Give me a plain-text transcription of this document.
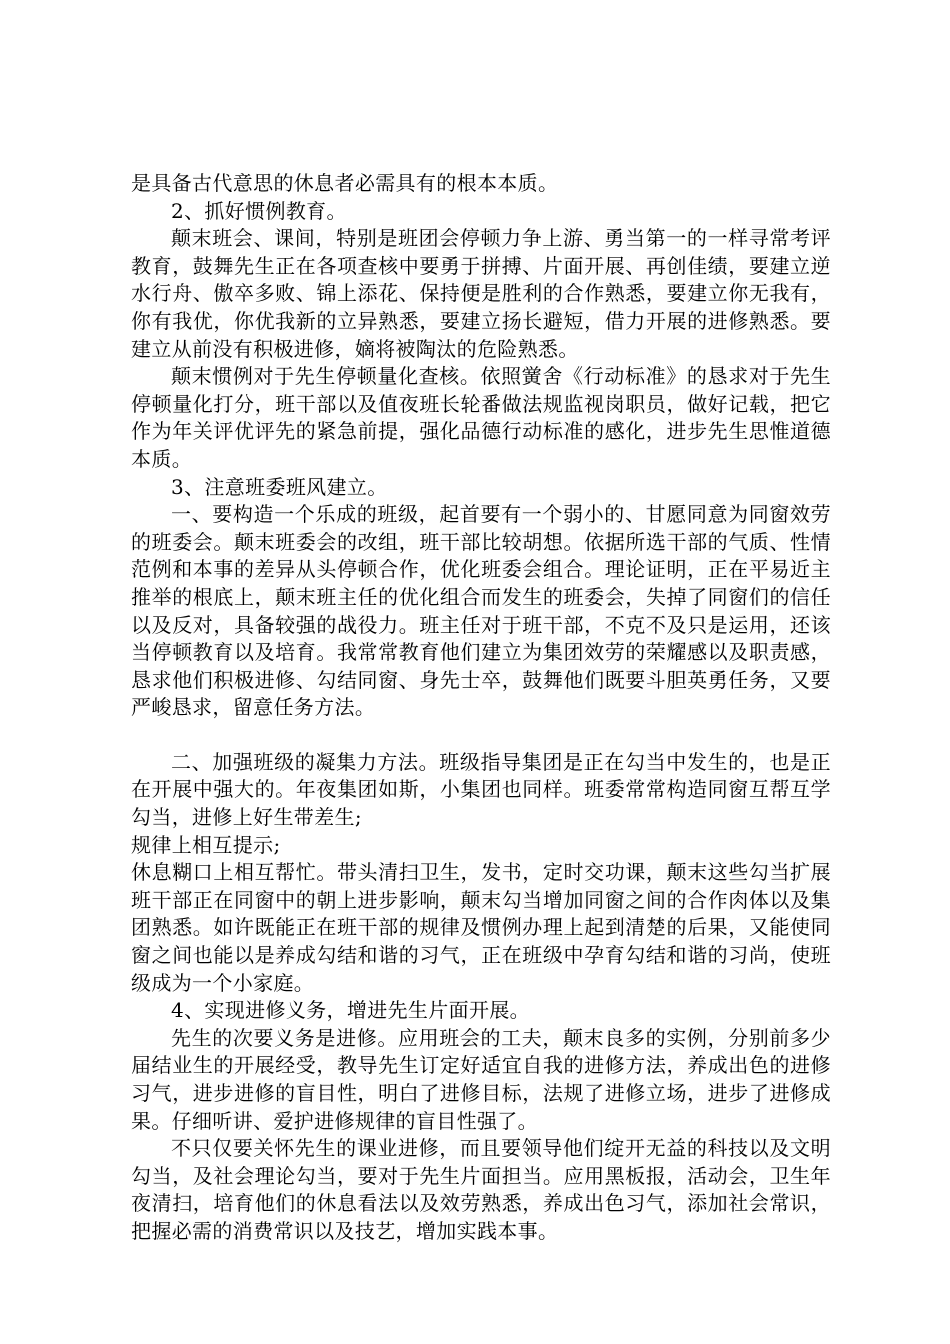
是具备古代意思的休息者必需具有的根本本质。

2、抓好惯例教育。

颠末班会、课间，特别是班团会停顿力争上游、勇当第一的一样寻常考评教育，鼓舞先生正在各项查核中要勇于拼搏、片面开展、再创佳绩，要建立逆水行舟、傲卒多败、锦上添花、保持便是胜利的合作熟悉，要建立你无我有，你有我优，你优我新的立异熟悉，要建立扬长避短，借力开展的进修熟悉。要建立从前没有积极进修，嫡将被陶汰的危险熟悉。

颠末惯例对于先生停顿量化查核。依照黉舍《行动标准》的恳求对于先生停顿量化打分，班干部以及值夜班长轮番做法规监视岗职员，做好记载，把它作为年关评优评先的紧急前提，强化品德行动标准的感化，进步先生思惟道德本质。

3、注意班委班风建立。

一、要构造一个乐成的班级，起首要有一个弱小的、甘愿同意为同窗效劳的班委会。颠末班委会的改组，班干部比较胡想。依据所选干部的气质、性情范例和本事的差异从头停顿合作，优化班委会组合。理论证明，正在平易近主推举的根底上，颠末班主任的优化组合而发生的班委会，失掉了同窗们的信任以及反对，具备较强的战役力。班主任对于班干部，不克不及只是运用，还该当停顿教育以及培育。我常常教育他们建立为集团效劳的荣耀感以及职责感，恳求他们积极进修、勾结同窗、身先士卒，鼓舞他们既要斗胆英勇任务，又要严峻恳求，留意任务方法。

二、加强班级的凝集力方法。班级指导集团是正在勾当中发生的，也是正在开展中强大的。年夜集团如斯，小集团也同样。班委常常构造同窗互帮互学勾当，进修上好生带差生;

规律上相互提示;

休息糊口上相互帮忙。带头清扫卫生，发书，定时交功课，颠末这些勾当扩展班干部正在同窗中的朝上进步影响，颠末勾当增加同窗之间的合作肉体以及集团熟悉。如许既能正在班干部的规律及惯例办理上起到清楚的后果，又能使同窗之间也能以是养成勾结和谐的习气，正在班级中孕育勾结和谐的习尚，使班级成为一个小家庭。

4、实现进修义务，增进先生片面开展。

先生的次要义务是进修。应用班会的工夫，颠末良多的实例，分别前多少届结业生的开展经受，教导先生订定好适宜自我的进修方法，养成出色的进修习气，进步进修的盲目性，明白了进修目标，法规了进修立场，进步了进修成果。仔细听讲、爱护进修规律的盲目性强了。

不只仅要关怀先生的课业进修，而且要领导他们绽开无益的科技以及文明勾当，及社会理论勾当，要对于先生片面担当。应用黑板报，活动会，卫生年夜清扫，培育他们的休息看法以及效劳熟悉，养成出色习气，添加社会常识，把握必需的消费常识以及技艺，增加实践本事。
